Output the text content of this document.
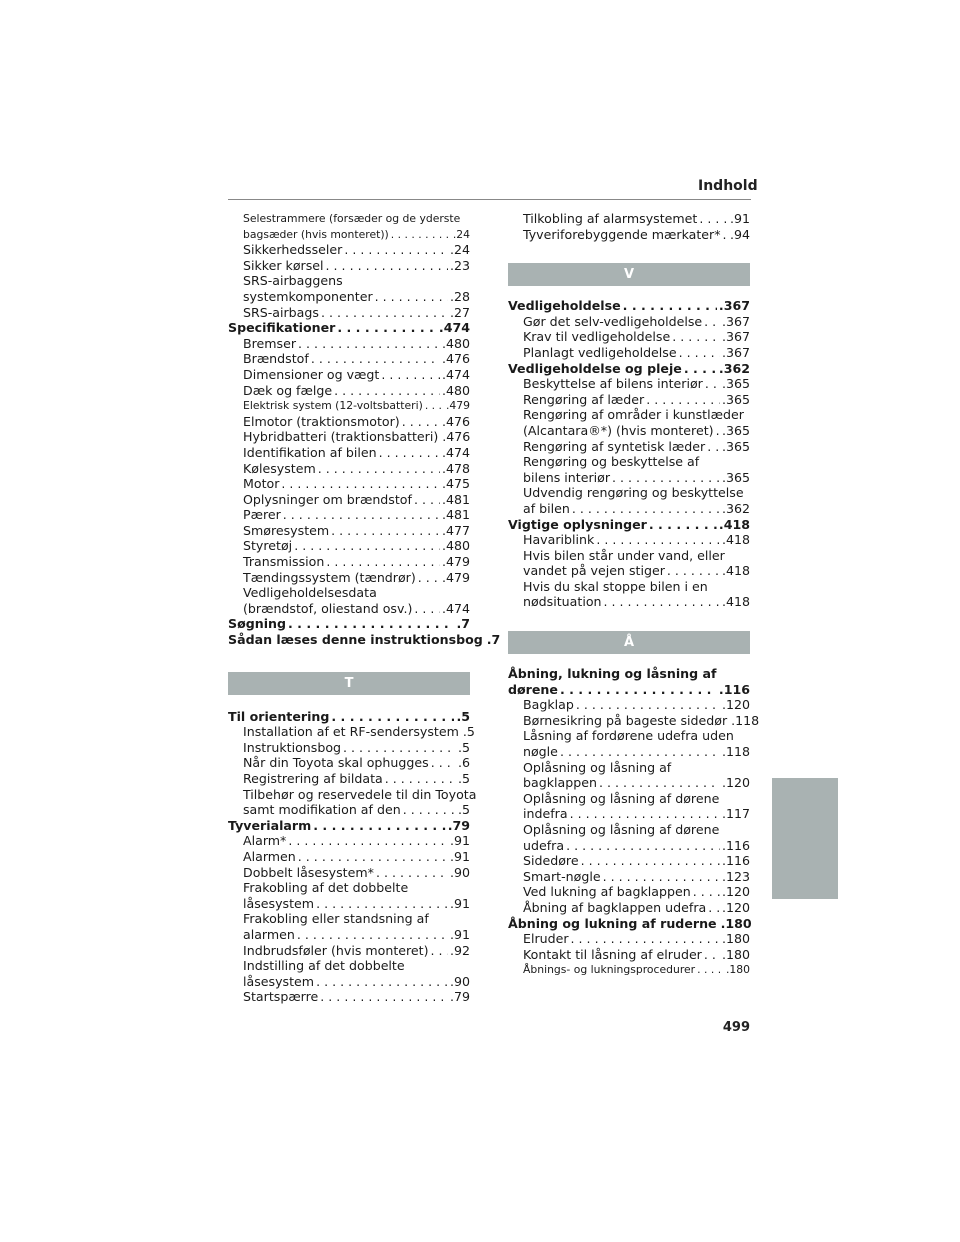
Indhold
Selestrammere (forsæder og de yderste
bagsæder (hvis monteret)) . . .	.24
Sikkerhedsseler . . .	.24
Sikker kørsel . . .	.23
SRS-airbaggens
systemkomponenter . . .	.28
SRS-airbags . . .	.27
Specifikationer . . .	.474
Bremser . . .	.480
Brændstof . . .	.476
Dimensioner og vægt . . .	.474
Dæk og fælge . . .	.480
Elektrisk system (12-voltsbatteri) . . . .479
Elmotor (traktionsmotor) . . .	.476
Hybridbatteri (traktionsbatteri) . . . .476
Identifikation af bilen . . .	.474
Kølesystem . . .	.478
Motor . . .	.475
Oplysninger om brændstof . . . .481
Pærer . . .	.481
Smøresystem . . .	.477
Styretøj . . .	.480
Transmission . . .	.479
Tændingssystem (tændrør) . . . .479
Vedligeholdelsesdata
(brændstof, oliestand osv.) . . . .474
Søgning . . .	.7
Sådan læses denne instruktionsbog . . . .7
T
Til orientering . . .	.5
Installation af et RF-sendersystem . . . .5
Instruktionsbog . . .	.5
Når din Toyota skal ophugges . . . .6
Registrering af bildata . . .	.5
Tilbehør og reservedele til din Toyota
samt modifikation af den . . .	.5
Tyverialarm . . .	.79
Alarm* . . .	.91
Alarmen . . .	.91
Dobbelt låsesystem* . . .	.90
Frakobling af det dobbelte
låsesystem . . .	.91
Frakobling eller standsning af
alarmen . . .	.91
Indbrudsføler (hvis monteret) . . . .92
Indstilling af det dobbelte
låsesystem . . .	.90
Startspærre . . .	.79
Tilkobling af alarmsystemet . . .	.91
Tyveriforebyggende mærkater* . . . .94
V
Vedligeholdelse . . .	.367
Gør det selv-vedligeholdelse . . . .367
Krav til vedligeholdelse . . .	.367
Planlagt vedligeholdelse . . .	.367
Vedligeholdelse og pleje . . .	.362
Beskyttelse af bilens interiør . . . .365
Rengøring af læder . . .	.365
Rengøring af områder i kunstlæder
(Alcantara®*) (hvis monteret) . . . .365
Rengøring af syntetisk læder . . . .365
Rengøring og beskyttelse af
bilens interiør . . .	.365
Udvendig rengøring og beskyttelse
af bilen . . .	.362
Vigtige oplysninger . . .	.418
Havariblink . . .	.418
Hvis bilen står under vand, eller
vandet på vejen stiger . . .	.418
Hvis du skal stoppe bilen i en
nødsituation . . .	.418
Å
Åbning, lukning og låsning af
dørene . . .	.116
Bagklap . . .	.120
Børnesikring på bageste sidedør . . . .118
Låsning af fordørene udefra uden
nøgle . . .	.118
Oplåsning og låsning af
bagklappen . . .	.120
Oplåsning og låsning af dørene
indefra . . .	.117
Oplåsning og låsning af dørene
udefra . . .	.116
Sidedøre . . .	.116
Smart-nøgle . . .	.123
Ved lukning af bagklappen . . . .120
Åbning af bagklappen udefra . . . .120
Åbning og lukning af ruderne . . . .180
Elruder . . .	.180
Kontakt til låsning af elruder . . . .180
Åbnings- og lukningsprocedurer . . .	.180
499
